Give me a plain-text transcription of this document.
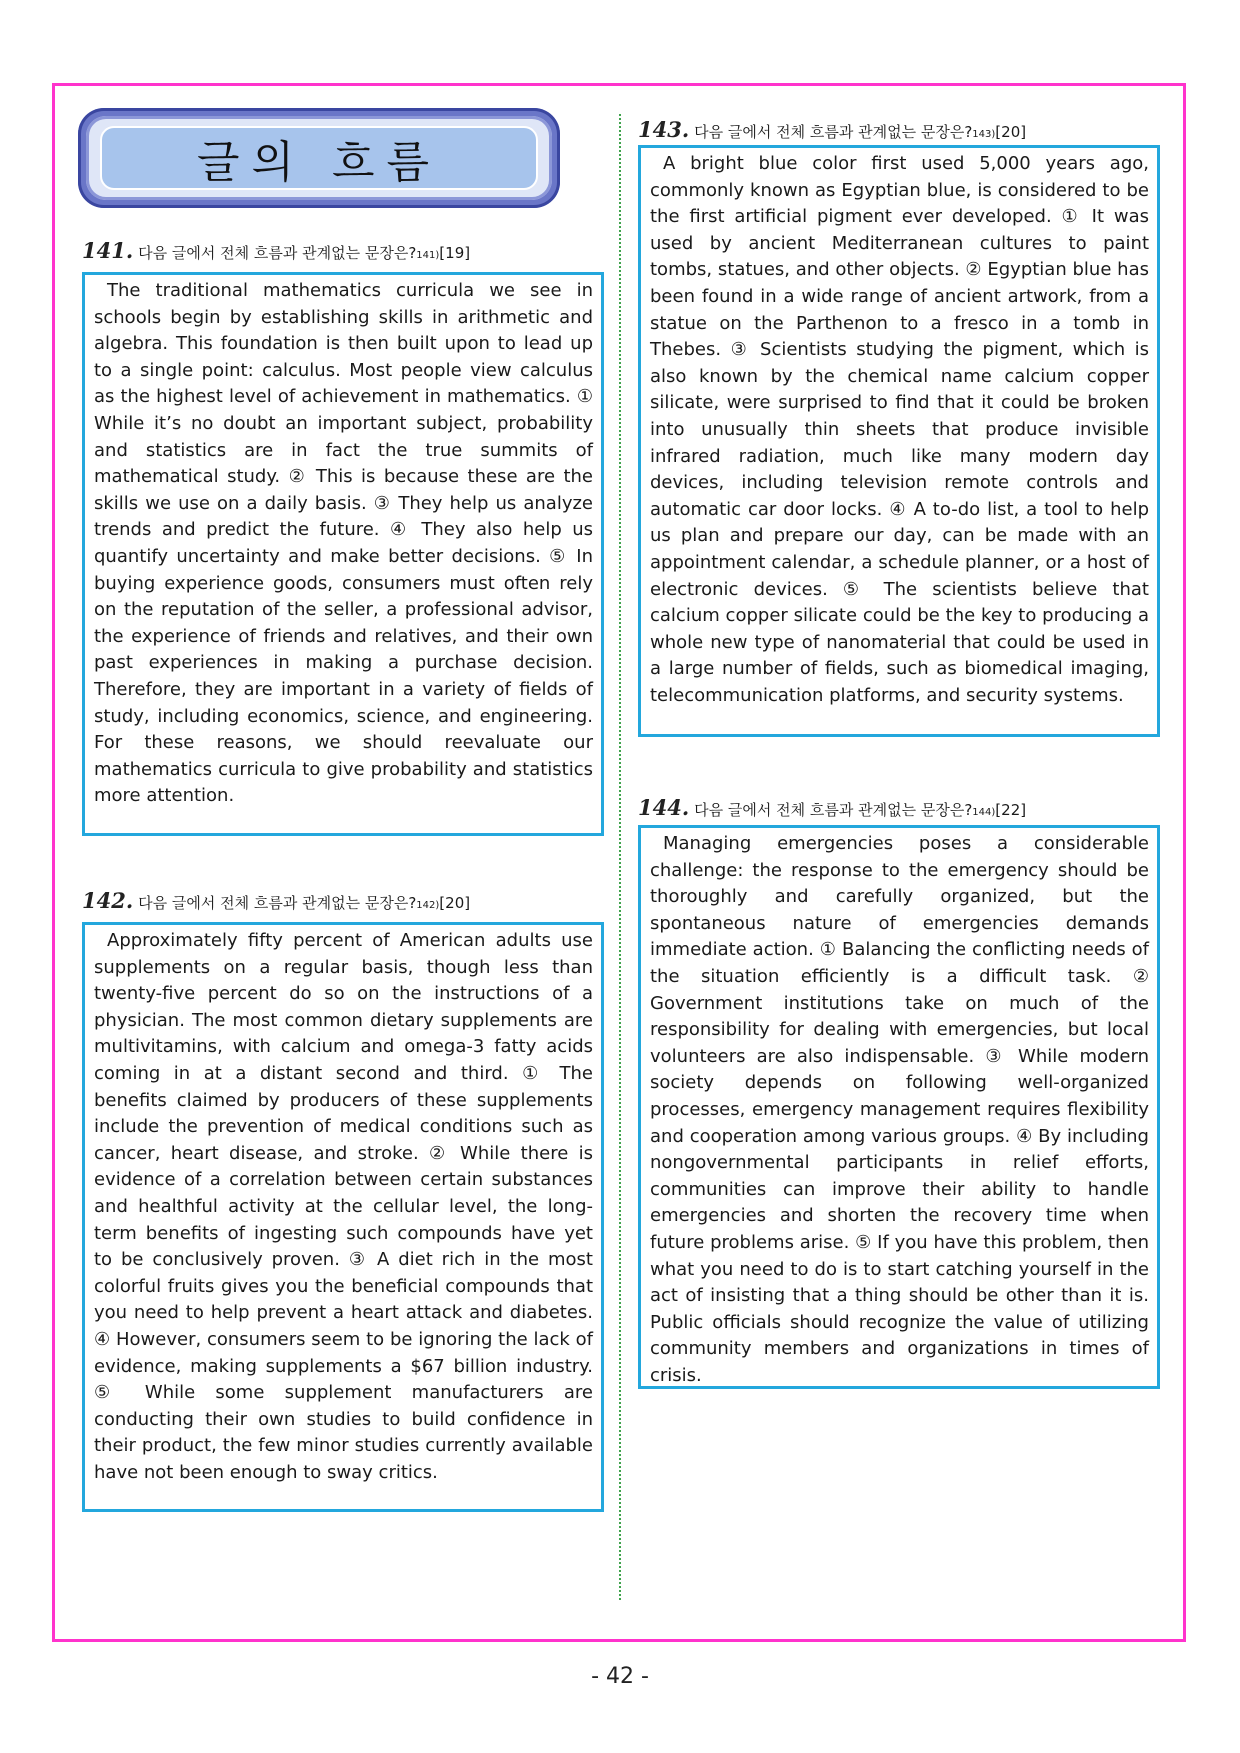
글의 흐름
141. 다음 글에서 전체 흐름과 관계없는 문장은? 141) [19]
The traditional mathematics curricula we see in schools begin by establishing skills in arithmetic and algebra. This foundation is then built upon to lead up to a single point: calculus. Most people view calculus as the highest level of achievement in mathematics. ① While it’s no doubt an important subject, probability and statistics are in fact the true summits of mathematical study. ② This is because these are the skills we use on a daily basis. ③ They help us analyze trends and predict the future. ④ They also help us quantify uncertainty and make better decisions. ⑤ In buying experience goods, consumers must often rely on the reputation of the seller, a professional advisor, the experience of friends and relatives, and their own past experiences in making a purchase decision. Therefore, they are important in a variety of fields of study, including economics, science, and engineering. For these reasons, we should reevaluate our mathematics curricula to give probability and statistics more attention.
142. 다음 글에서 전체 흐름과 관계없는 문장은? 142) [20]
Approximately fifty percent of American adults use supplements on a regular basis, though less than twenty-five percent do so on the instructions of a physician. The most common dietary supplements are multivitamins, with calcium and omega-3 fatty acids coming in at a distant second and third. ① The benefits claimed by producers of these supplements include the prevention of medical conditions such as cancer, heart disease, and stroke. ② While there is evidence of a correlation between certain substances and healthful activity at the cellular level, the long-term benefits of ingesting such compounds have yet to be conclusively proven. ③ A diet rich in the most colorful fruits gives you the beneficial compounds that you need to help prevent a heart attack and diabetes. ④ However, consumers seem to be ignoring the lack of evidence, making supplements a $67 billion industry. ⑤ While some supplement manufacturers are conducting their own studies to build confidence in their product, the few minor studies currently available have not been enough to sway critics.
143. 다음 글에서 전체 흐름과 관계없는 문장은? 143) [20]
A bright blue color first used 5,000 years ago, commonly known as Egyptian blue, is considered to be the first artificial pigment ever developed. ① It was used by ancient Mediterranean cultures to paint tombs, statues, and other objects. ② Egyptian blue has been found in a wide range of ancient artwork, from a statue on the Parthenon to a fresco in a tomb in Thebes. ③ Scientists studying the pigment, which is also known by the chemical name calcium copper silicate, were surprised to find that it could be broken into unusually thin sheets that produce invisible infrared radiation, much like many modern day devices, including television remote controls and automatic car door locks. ④ A to-do list, a tool to help us plan and prepare our day, can be made with an appointment calendar, a schedule planner, or a host of electronic devices. ⑤ The scientists believe that calcium copper silicate could be the key to producing a whole new type of nanomaterial that could be used in a large number of fields, such as biomedical imaging, telecommunication platforms, and security systems.
144. 다음 글에서 전체 흐름과 관계없는 문장은? 144) [22]
Managing emergencies poses a considerable challenge: the response to the emergency should be thoroughly and carefully organized, but the spontaneous nature of emergencies demands immediate action. ① Balancing the conflicting needs of the situation efficiently is a difficult task. ② Government institutions take on much of the responsibility for dealing with emergencies, but local volunteers are also indispensable. ③ While modern society depends on following well-organized processes, emergency management requires flexibility and cooperation among various groups. ④ By including nongovernmental participants in relief efforts, communities can improve their ability to handle emergencies and shorten the recovery time when future problems arise. ⑤ If you have this problem, then what you need to do is to start catching yourself in the act of insisting that a thing should be other than it is. Public officials should recognize the value of utilizing community members and organizations in times of crisis.
- 42 -
